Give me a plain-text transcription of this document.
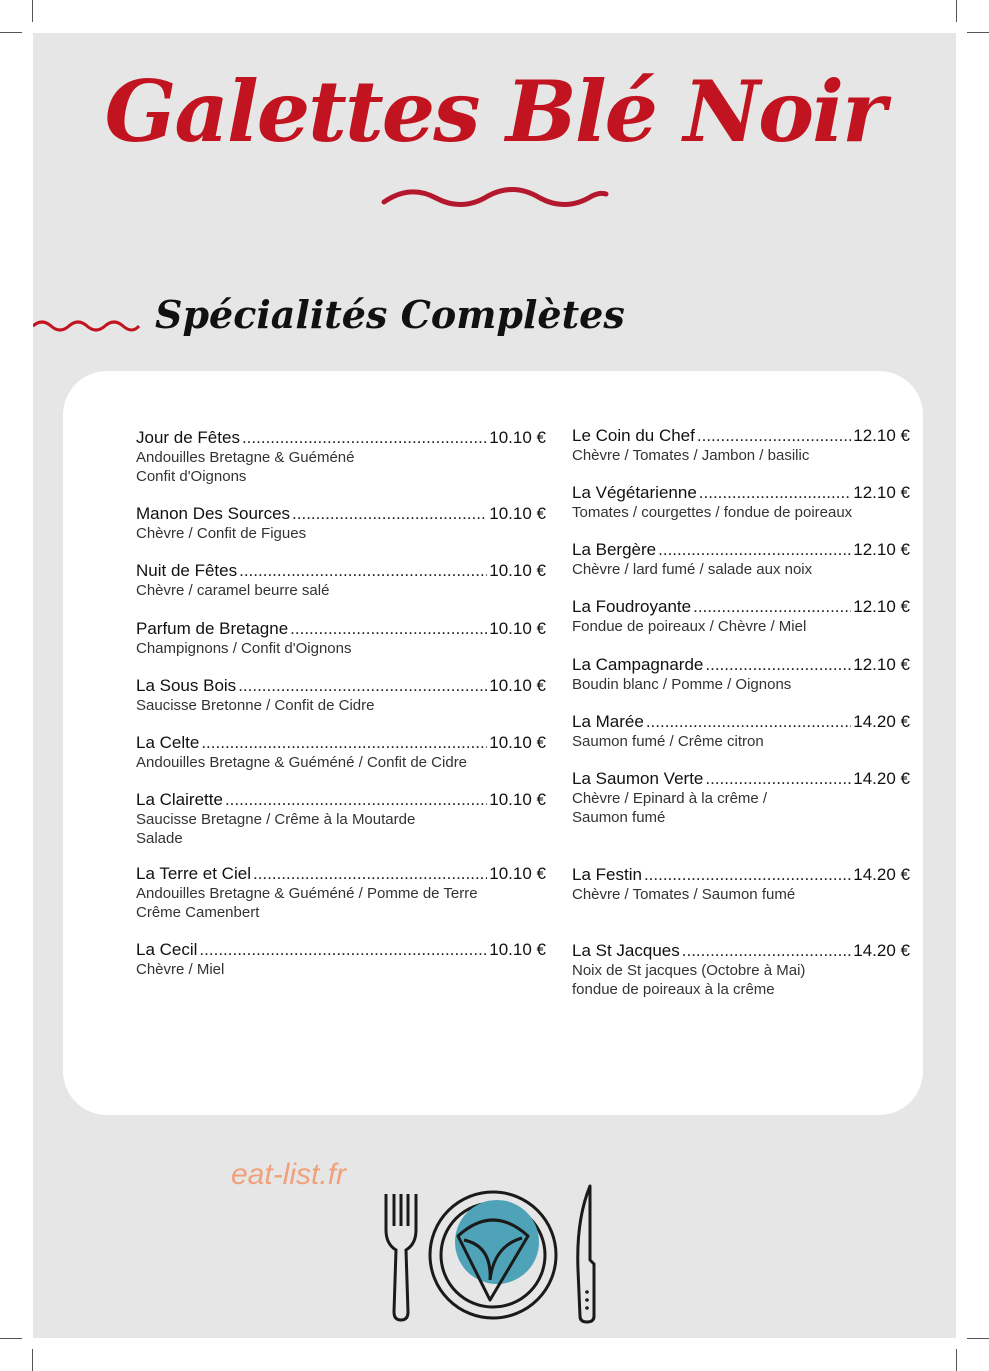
Galettes Blé Noir
Spécialités Complètes
Jour de Fêtes .....	10.10 €
Andouilles Bretagne & Guéméné
Confit d'Oignons
Manon Des Sources .....	10.10 €
Chèvre / Confit de Figues
Nuit de Fêtes .....	10.10 €
Chèvre / caramel beurre salé
Parfum de Bretagne .....	10.10 €
Champignons / Confit d'Oignons
La Sous Bois .....	10.10 €
Saucisse Bretonne / Confit de Cidre
La Celte .....	10.10 €
Andouilles Bretagne & Guéméné / Confit de Cidre
La Clairette .....	10.10 €
Saucisse Bretagne / Crême à la Moutarde
Salade
La Terre et Ciel .....	10.10 €
Andouilles Bretagne & Guéméné / Pomme de Terre
Crême Camenbert
La Cecil .....	10.10 €
Chèvre / Miel
Le Coin du Chef .....	12.10 €
Chèvre / Tomates / Jambon / basilic
La Végétarienne .....	12.10 €
Tomates / courgettes / fondue de poireaux
La Bergère .....	12.10 €
Chèvre / lard fumé / salade aux noix
La Foudroyante .....	12.10 €
Fondue de poireaux / Chèvre / Miel
La Campagnarde .....	12.10 €
Boudin blanc / Pomme / Oignons
La Marée .....	14.20 €
Saumon fumé / Crême citron
La Saumon Verte .....	14.20 €
Chèvre / Epinard à la crême /
Saumon fumé
La Festin .....	14.20 €
Chèvre / Tomates / Saumon fumé
La St Jacques .....	14.20 €
Noix de St jacques (Octobre à Mai)
fondue de poireaux à la crême
eat-list.fr
